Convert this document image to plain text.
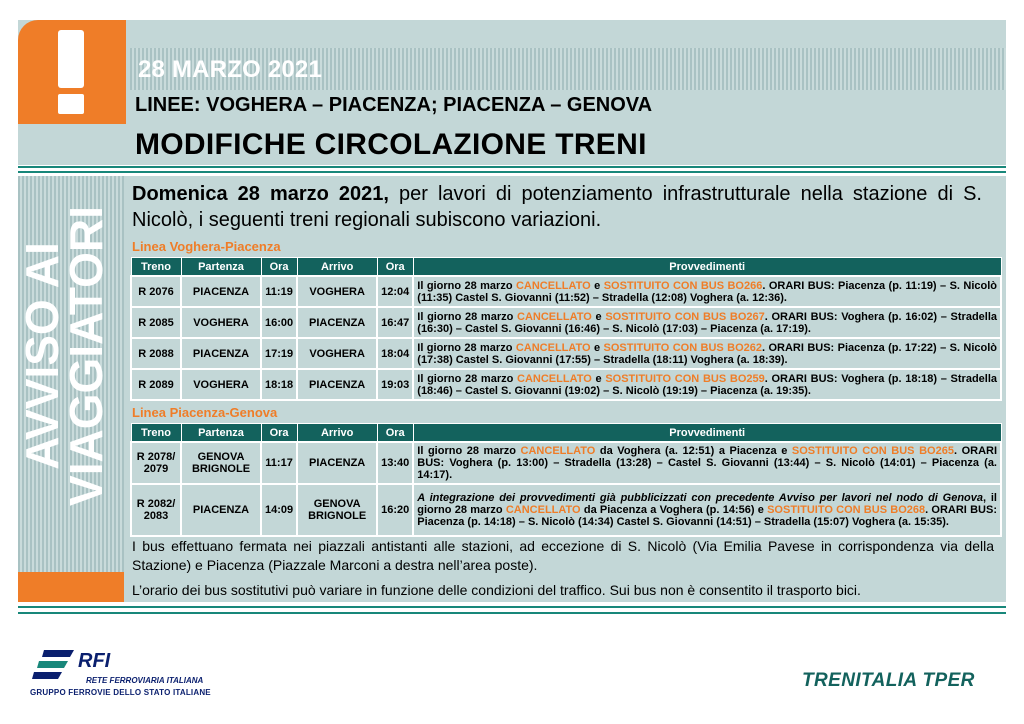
28 MARZO 2021
LINEE: VOGHERA – PIACENZA; PIACENZA – GENOVA
MODIFICHE CIRCOLAZIONE TRENI
AVVISO AI
VIAGGIATORI
Domenica 28 marzo 2021, per lavori di potenziamento infrastrutturale nella stazione di S. Nicolò, i seguenti treni regionali subiscono variazioni.
Linea Voghera-Piacenza
Treno	Partenza	Ora	Arrivo	Ora	Provvedimenti
R 2076	PIACENZA	11:19	VOGHERA	12:04	Il giorno 28 marzo CANCELLATO e SOSTITUITO CON BUS BO266. ORARI BUS: Piacenza (p. 11:19) – S. Nicolò (11:35) Castel S. Giovanni (11:52) – Stradella (12:08) Voghera (a. 12:36).
R 2085	VOGHERA	16:00	PIACENZA	16:47	Il giorno 28 marzo CANCELLATO e SOSTITUITO CON BUS BO267. ORARI BUS: Voghera (p. 16:02) – Stradella (16:30) – Castel S. Giovanni (16:46) – S. Nicolò (17:03) – Piacenza (a. 17:19).
R 2088	PIACENZA	17:19	VOGHERA	18:04	Il giorno 28 marzo CANCELLATO e SOSTITUITO CON BUS BO262. ORARI BUS: Piacenza (p. 17:22) – S. Nicolò (17:38) Castel S. Giovanni (17:55) – Stradella (18:11) Voghera (a. 18:39).
R 2089	VOGHERA	18:18	PIACENZA	19:03	Il giorno 28 marzo CANCELLATO e SOSTITUITO CON BUS BO259. ORARI BUS: Voghera (p. 18:18) – Stradella (18:46) – Castel S. Giovanni (19:02) – S. Nicolò (19:19) – Piacenza (a. 19:35).
Linea Piacenza-Genova
Treno	Partenza	Ora	Arrivo	Ora	Provvedimenti
R 2078/ 2079	GENOVA BRIGNOLE	11:17	PIACENZA	13:40	Il giorno 28 marzo CANCELLATO da Voghera (a. 12:51) a Piacenza e SOSTITUITO CON BUS BO265. ORARI BUS: Voghera (p. 13:00) – Stradella (13:28) – Castel S. Giovanni (13:44) – S. Nicolò (14:01) – Piacenza (a. 14:17).
R 2082/ 2083	PIACENZA	14:09	GENOVA BRIGNOLE	16:20	A integrazione dei provvedimenti già pubblicizzati con precedente Avviso per lavori nel nodo di Genova, il giorno 28 marzo CANCELLATO da Piacenza a Voghera (p. 14:56) e SOSTITUITO CON BUS BO268. ORARI BUS: Piacenza (p. 14:18) – S. Nicolò (14:34) Castel S. Giovanni (14:51) – Stradella (15:07) Voghera (a. 15:35).
I bus effettuano fermata nei piazzali antistanti alle stazioni, ad eccezione di S. Nicolò (Via Emilia Pavese in corrispondenza via della Stazione) e Piacenza (Piazzale Marconi a destra nell’area poste).
L’orario dei bus sostitutivi può variare in funzione delle condizioni del traffico. Sui bus non è consentito il trasporto bici.
RFI
RETE FERROVIARIA ITALIANA
GRUPPO FERROVIE DELLO STATO ITALIANE
TRENITALIA TPER
